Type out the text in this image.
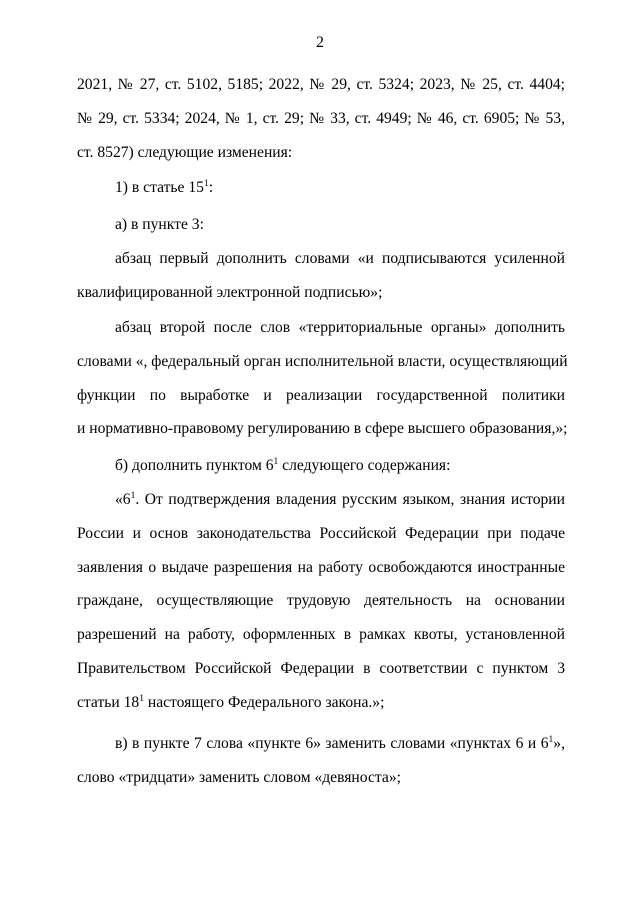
2
2021, № 27, ст. 5102, 5185; 2022, № 29, ст. 5324; 2023, № 25, ст. 4404;
№ 29, ст. 5334; 2024, № 1, ст. 29; № 33, ст. 4949; № 46, ст. 6905; № 53,
ст. 8527) следующие изменения:
1) в статье $15^1$:
а) в пункте 3:
абзац первый дополнить словами «и подписываются усиленной
квалифицированной электронной подписью»;
абзац второй после слов «территориальные органы» дополнить
словами «, федеральный орган исполнительной власти, осуществляющий
функции по выработке и реализации государственной политики
и нормативно-правовому регулированию в сфере высшего образования,»;
б) дополнить пунктом $6^1$ следующего содержания:
«$6^1$. От подтверждения владения русским языком, знания истории
России и основ законодательства Российской Федерации при подаче
заявления о выдаче разрешения на работу освобождаются иностранные
граждане, осуществляющие трудовую деятельность на основании
разрешений на работу, оформленных в рамках квоты, установленной
Правительством Российской Федерации в соответствии с пунктом 3
статьи $18^1$ настоящего Федерального закона.»;
в) в пункте 7 слова «пункте 6» заменить словами «пунктах 6 и $6^1$»,
слово «тридцати» заменить словом «девяноста»;
